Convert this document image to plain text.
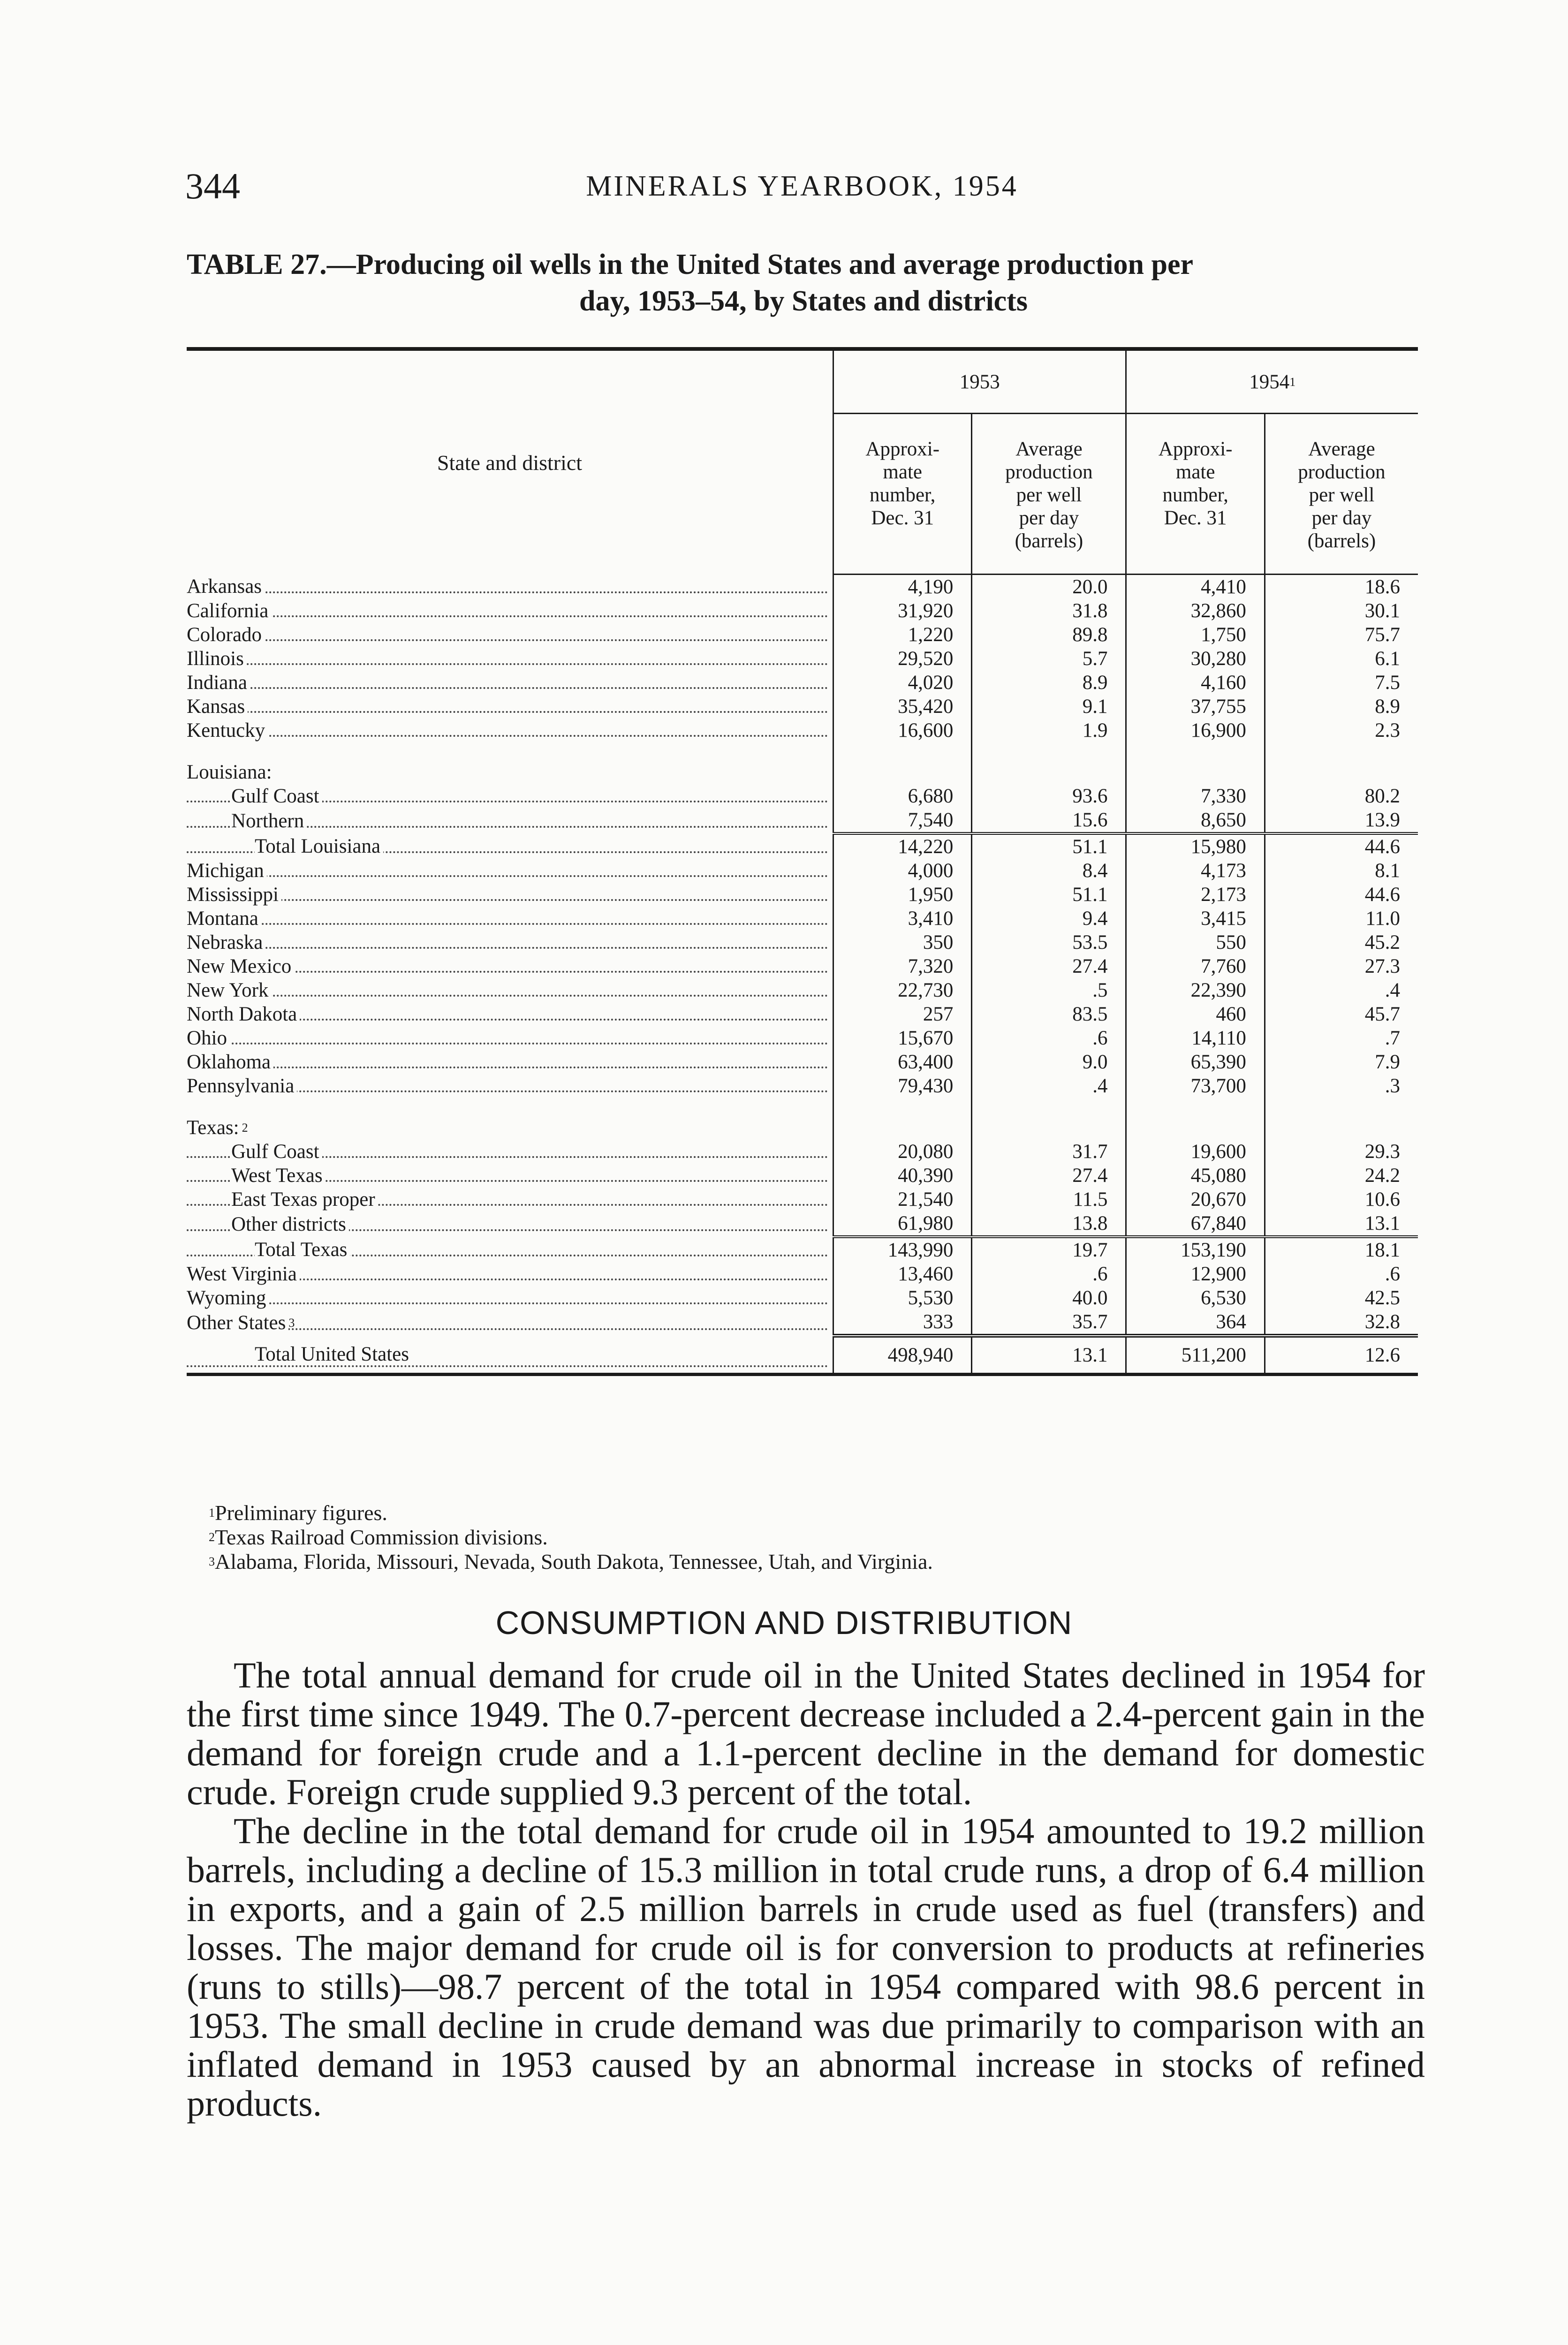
344	MINERALS YEARBOOK, 1954
TABLE 27.—Producing oil wells in the United States and average production per
day, 1953–54, by States and districts
State and district	1953		1954$^1$
	Approxi-
mate
number,
Dec. 31	Average
production
per well
per day
(barrels)	Approxi-
mate
number,
Dec. 31	Average
production
per well
per day
(barrels)
Arkansas	4,190	20.0	4,410	18.6
California	31,920	31.8	32,860	30.1
Colorado	1,220	89.8	1,750	75.7
Illinois	29,520	5.7	30,280	6.1
Indiana	4,020	8.9	4,160	7.5
Kansas	35,420	9.1	37,755	8.9
Kentucky	16,600	1.9	16,900	2.3

Louisiana:				
Gulf Coast	6,680	93.6	7,330	80.2
Northern	7,540	15.6	8,650	13.9
Total Louisiana	14,220	51.1	15,980	44.6
Michigan	4,000	8.4	4,173	8.1
Mississippi	1,950	51.1	2,173	44.6
Montana	3,410	9.4	3,415	11.0
Nebraska	350	53.5	550	45.2
New Mexico	7,320	27.4	7,760	27.3
New York	22,730	.5	22,390	.4
North Dakota	257	83.5	460	45.7
Ohio	15,670	.6	14,110	.7
Oklahoma	63,400	9.0	65,390	7.9
Pennsylvania	79,430	.4	73,700	.3

Texas: $^2$				
Gulf Coast	20,080	31.7	19,600	29.3
West Texas	40,390	27.4	45,080	24.2
East Texas proper	21,540	11.5	20,670	10.6
Other districts	61,980	13.8	67,840	13.1
Total Texas	143,990	19.7	153,190	18.1
West Virginia	13,460	.6	12,900	.6
Wyoming	5,530	40.0	6,530	42.5
Other States $^3$	333	35.7	364	32.8
Total United States	498,940	13.1	511,200	12.6
$^1$Preliminary figures.
$^2$Texas Railroad Commission divisions.
$^3$Alabama, Florida, Missouri, Nevada, South Dakota, Tennessee, Utah, and Virginia.
CONSUMPTION AND DISTRIBUTION

The total annual demand for crude oil in the United States declined in 1954 for the first time since 1949. The 0.7-percent decrease included a 2.4-percent gain in the demand for foreign crude and a 1.1-percent decline in the demand for domestic crude. Foreign crude supplied 9.3 percent of the total.

The decline in the total demand for crude oil in 1954 amounted to 19.2 million barrels, including a decline of 15.3 million in total crude runs, a drop of 6.4 million in exports, and a gain of 2.5 million barrels in crude used as fuel (transfers) and losses. The major demand for crude oil is for conversion to products at refineries (runs to stills)—98.7 percent of the total in 1954 compared with 98.6 percent in 1953. The small decline in crude demand was due primarily to comparison with an inflated demand in 1953 caused by an abnormal increase in stocks of refined products.
